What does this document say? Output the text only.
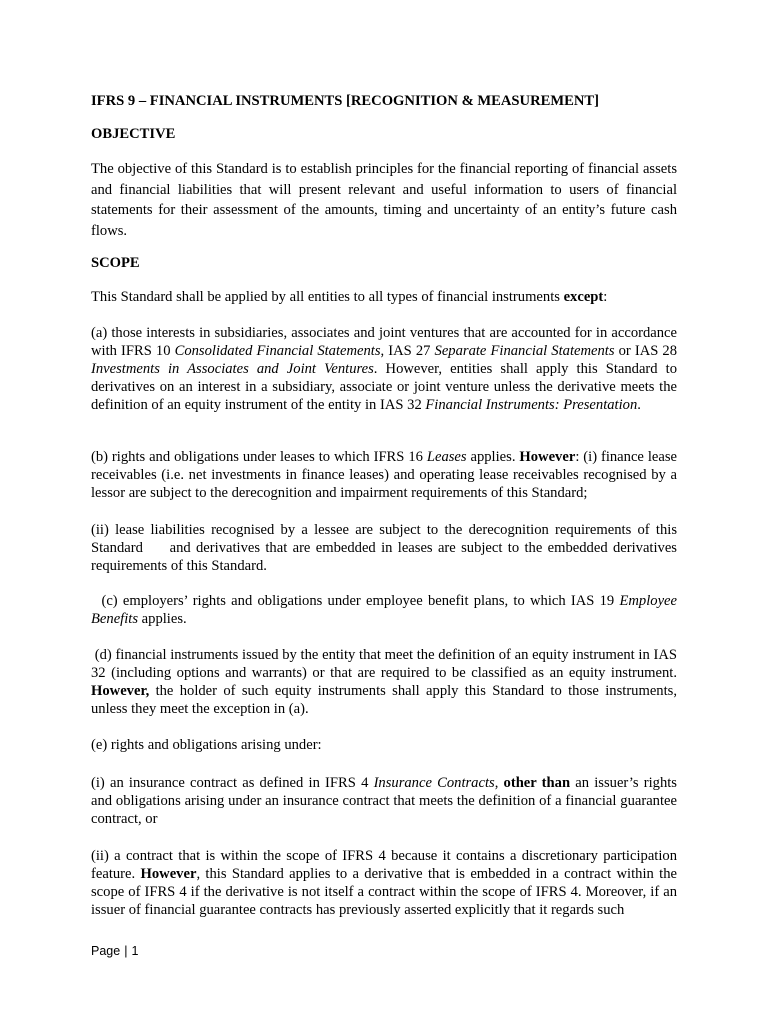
IFRS 9 – FINANCIAL INSTRUMENTS [RECOGNITION & MEASUREMENT]
OBJECTIVE

The objective of this Standard is to establish principles for the financial reporting of financial assets and financial liabilities that will present relevant and useful information to users of financial statements for their assessment of the amounts, timing and uncertainty of an entity’s future cash flows.

SCOPE

This Standard shall be applied by all entities to all types of financial instruments except:

(a) those interests in subsidiaries, associates and joint ventures that are accounted for in accordance with IFRS 10 Consolidated Financial Statements, IAS 27 Separate Financial Statements or IAS 28 Investments in Associates and Joint Ventures. However, entities shall apply this Standard to derivatives on an interest in a subsidiary, associate or joint venture unless the derivative meets the definition of an equity instrument of the entity in IAS 32 Financial Instruments: Presentation.

(b) rights and obligations under leases to which IFRS 16 Leases applies. However: (i) finance lease receivables (i.e. net investments in finance leases) and operating lease receivables recognised by a lessor are subject to the derecognition and impairment requirements of this Standard;

(ii) lease liabilities recognised by a lessee are subject to the derecognition requirements of this Standard     and derivatives that are embedded in leases are subject to the embedded derivatives requirements of this Standard.

(c) employers’ rights and obligations under employee benefit plans, to which IAS 19 Employee Benefits applies.

(d) financial instruments issued by the entity that meet the definition of an equity instrument in IAS 32 (including options and warrants) or that are required to be classified as an equity instrument. However, the holder of such equity instruments shall apply this Standard to those instruments, unless they meet the exception in (a).

(e) rights and obligations arising under:

(i) an insurance contract as defined in IFRS 4 Insurance Contracts, other than an issuer’s rights and obligations arising under an insurance contract that meets the definition of a financial guarantee contract, or

(ii) a contract that is within the scope of IFRS 4 because it contains a discretionary participation feature. However, this Standard applies to a derivative that is embedded in a contract within the scope of IFRS 4 if the derivative is not itself a contract within the scope of IFRS 4. Moreover, if an issuer of financial guarantee contracts has previously asserted explicitly that it regards such

Page | 1
